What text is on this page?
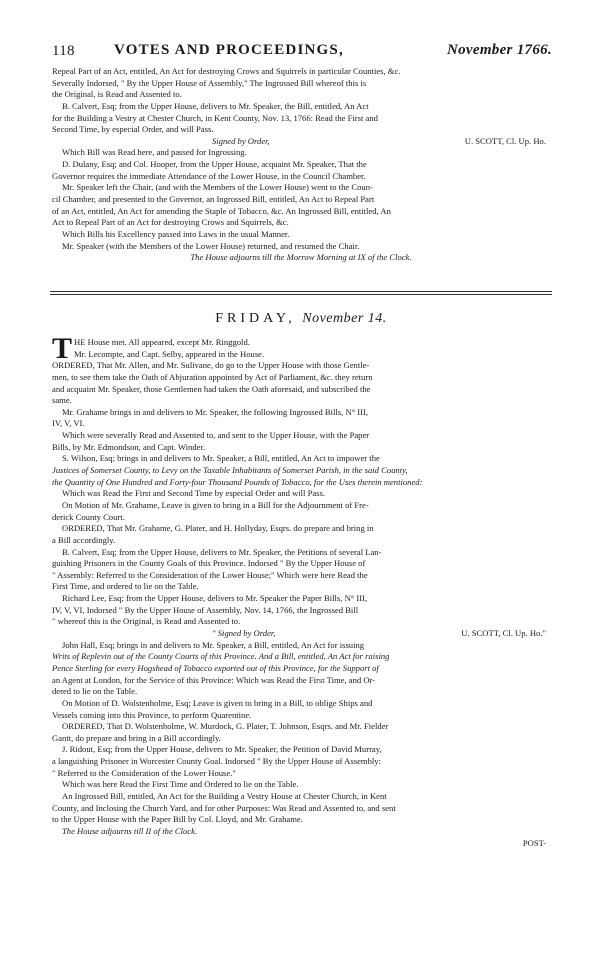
118	VOTES AND PROCEEDINGS,	November 1766.
Repeal Part of an Act, entitled, An Act for destroying Crows and Squirrels in particular Counties, &c.
Severally Indorsed, " By the Upper House of Assembly," The Ingrossed Bill whereof this is
the Original, is Read and Assented to.
B. Calvert, Esq; from the Upper House, delivers to Mr. Speaker, the Bill, entitled, An Act
for the Building a Vestry at Chester Church, in Kent County, Nov. 13, 1766: Read the First and
Second Time, by especial Order, and will Pass.
Signed by Order,	U. SCOTT, Cl. Up. Ho.
Which Bill was Read here, and passed for Ingrossing.
D. Dulany, Esq; and Col. Hooper, from the Upper House, acquaint Mr. Speaker, That the
Governor requires the immediate Attendance of the Lower House, in the Council Chamber.
Mr. Speaker left the Chair, (and with the Members of the Lower House) went to the Coun-
cil Chamber, and presented to the Governor, an Ingrossed Bill, entitled, An Act to Repeal Part
of an Act, entitled, An Act for amending the Staple of Tobacco, &c. An Ingrossed Bill, entitled, An
Act to Repeal Part of an Act for destroying Crows and Squirrels, &c.
Which Bills his Excellency passed into Laws in the usual Manner.
Mr. Speaker (with the Members of the Lower House) returned, and resumed the Chair.
The House adjourns till the Morrow Morning at IX of the Clock.
FRIDAY, November 14.
T HE House met. All appeared, except Mr. Ringgold.
Mr. Lecompte, and Capt. Selby, appeared in the House.
ORDERED, That Mr. Allen, and Mr. Sulivane, do go to the Upper House with those Gentle-
men, to see them take the Oath of Abjuration appointed by Act of Parliament, &c. they return
and acquaint Mr. Speaker, those Gentlemen had taken the Oath aforesaid, and subscribed the
same.
Mr. Grahame brings in and delivers to Mr. Speaker, the following Ingrossed Bills, N° III,
IV, V, VI.
Which were severally Read and Assented to, and sent to the Upper House, with the Paper
Bills, by Mr. Edmondson, and Capt. Winder.
S. Wilson, Esq; brings in and delivers to Mr. Speaker, a Bill, entitled, An Act to impower the
Justices of Somerset County, to Levy on the Taxable Inhabitants of Somerset Parish, in the said County,
the Quantity of One Hundred and Forty-four Thousand Pounds of Tobacco, for the Uses therein mentioned:
Which was Read the First and Second Time by especial Order and will Pass.
On Motion of Mr. Grahame, Leave is given to bring in a Bill for the Adjournment of Fre-
derick County Court.
ORDERED, That Mr. Grahame, G. Plater, and H. Hollyday, Esqrs. do prepare and bring in
a Bill accordingly.
B. Calvert, Esq; from the Upper House, delivers to Mr. Speaker, the Petitions of several Lan-
guishing Prisoners in the County Goals of this Province. Indorsed " By the Upper House of
" Assembly: Referred to the Consideration of the Lower House;" Which were here Read the
First Time, and ordered to lie on the Table.
Richard Lee, Esq; from the Upper House, delivers to Mr. Speaker the Paper Bills, N° III,
IV, V, VI, Indorsed " By the Upper House of Assembly, Nov. 14, 1766, the Ingrossed Bill
" whereof this is the Original, is Read and Assented to.
" Signed by Order,	U. SCOTT, Cl. Up. Ho."
John Hall, Esq; brings in and delivers to Mr. Speaker, a Bill, entitled, An Act for issuing
Writs of Replevin out of the County Courts of this Province. And a Bill, entitled, An Act for raising
Pence Sterling for every Hogshead of Tobacco exported out of this Province, for the Support of
an Agent at London, for the Service of this Province: Which was Read the First Time, and Or-
dered to lie on the Table.
On Motion of D. Wolstenholme, Esq; Leave is given to bring in a Bill, to oblige Ships and
Vessels coming into this Province, to perform Quarentine.
ORDERED, That D. Wolstenholme, W. Murdock, G. Plater, T. Johnson, Esqrs. and Mr. Fielder
Gantt, do prepare and bring in a Bill accordingly.
J. Ridout, Esq; from the Upper House, delivers to Mr. Speaker, the Petition of David Murray,
a languishing Prisoner in Worcester County Goal. Indorsed " By the Upper House of Assembly:
" Referred to the Consideration of the Lower House."
Which was here Read the First Time and Ordered to lie on the Table.
An Ingrossed Bill, entitled, An Act for the Building a Vestry House at Chester Church, in Kent
County, and Inclosing the Church Yard, and for other Purposes: Was Read and Assented to, and sent
to the Upper House with the Paper Bill by Col. Lloyd, and Mr. Grahame.
The House adjourns till II of the Clock.
POST-
